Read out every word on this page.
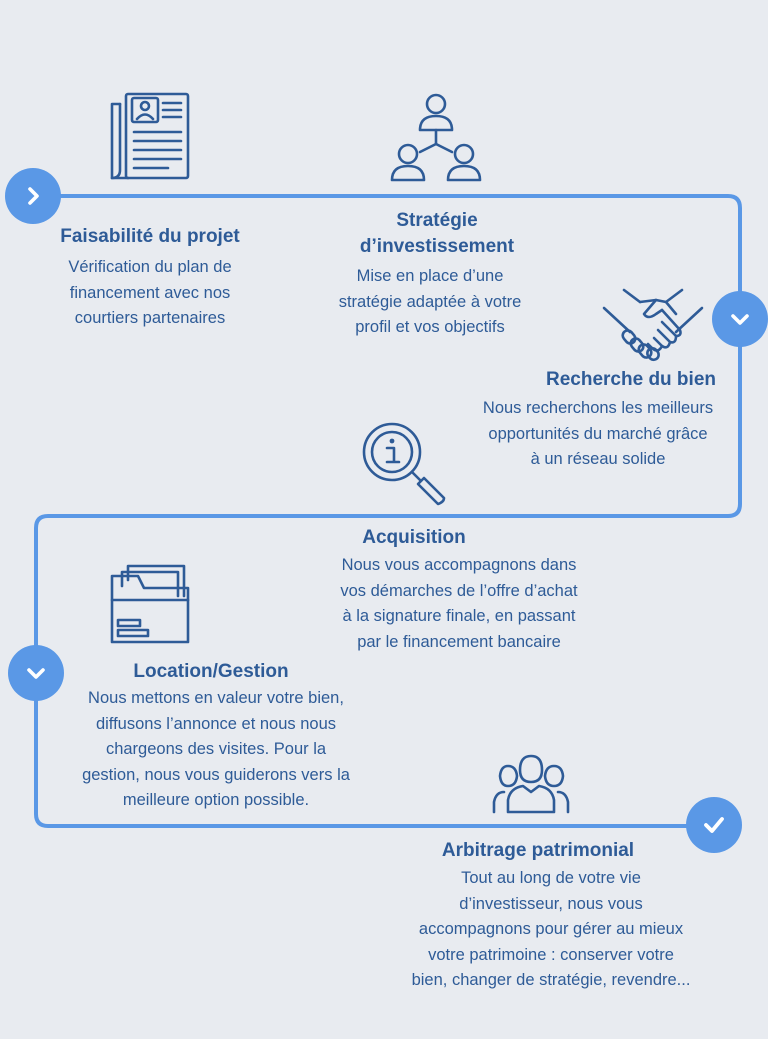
Faisabilité du projet

Vérification du plan de
financement avec nos
courtiers partenaires

Stratégie
d’investissement

Mise en place d’une
stratégie adaptée à votre
profil et vos objectifs

Recherche du bien

Nous recherchons les meilleurs
opportunités du marché grâce
à un réseau solide

Acquisition

Nous vous accompagnons dans
vos démarches de l’offre d’achat
à la signature finale, en passant
par le financement bancaire

Location/Gestion

Nous mettons en valeur votre bien,
diffusons l’annonce et nous nous
chargeons des visites. Pour la
gestion, nous vous guiderons vers la
meilleure option possible.

Arbitrage patrimonial

Tout au long de votre vie
d’investisseur, nous vous
accompagnons pour gérer au mieux
votre patrimoine : conserver votre
bien, changer de stratégie, revendre...
